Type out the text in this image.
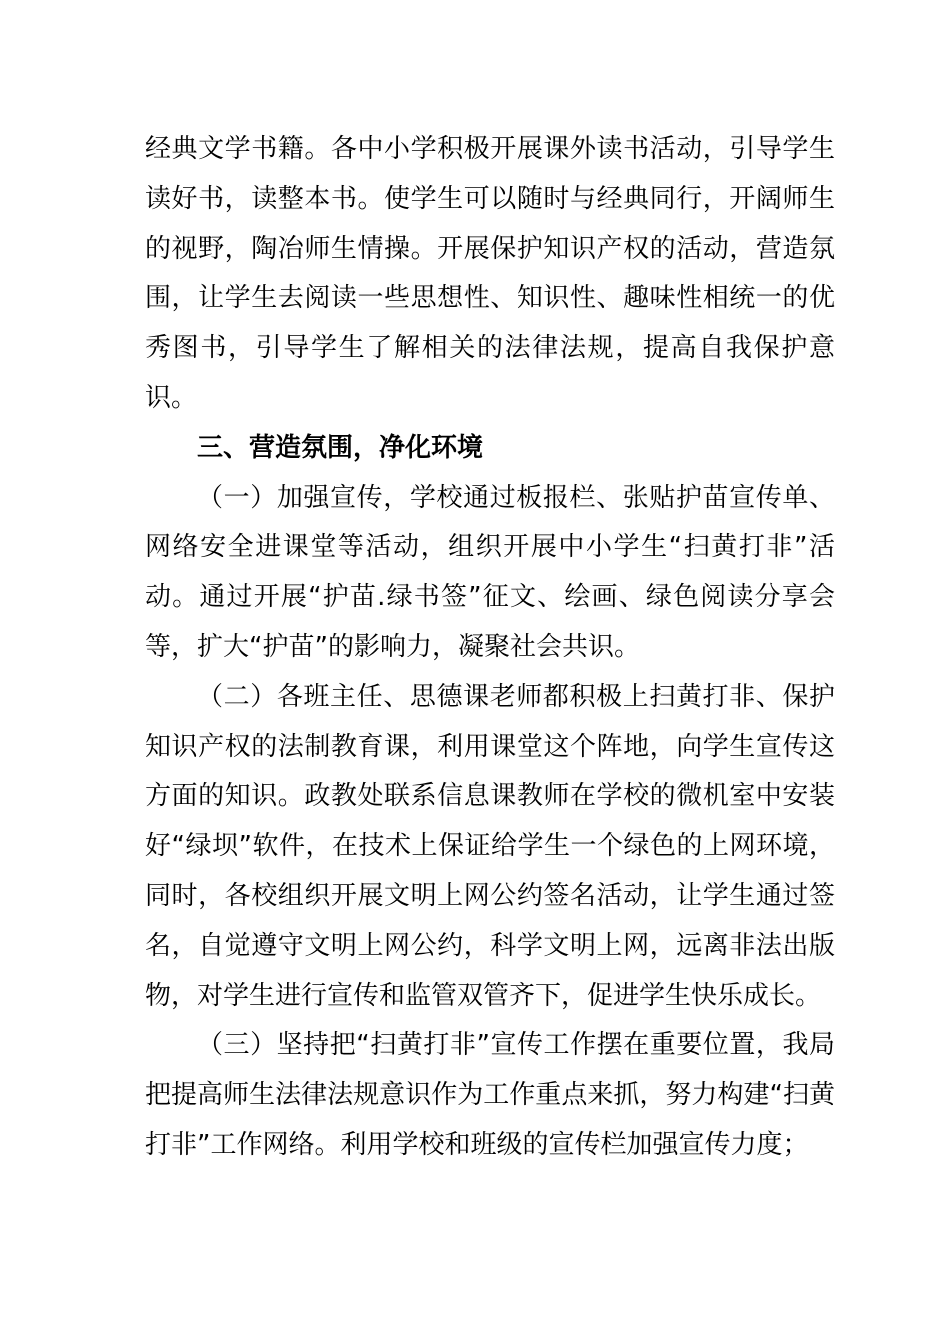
经典文学书籍。各中小学积极开展课外读书活动，引导学生读好书，读整本书。使学生可以随时与经典同行，开阔师生的视野，陶冶师生情操。开展保护知识产权的活动，营造氛围，让学生去阅读一些思想性、知识性、趣味性相统一的优秀图书，引导学生了解相关的法律法规，提高自我保护意识。

三、营造氛围，净化环境

（一）加强宣传，学校通过板报栏、张贴护苗宣传单、网络安全进课堂等活动，组织开展中小学生“扫黄打非”活动。通过开展“护苗.绿书签”征文、绘画、绿色阅读分享会等，扩大“护苗”的影响力，凝聚社会共识。

（二）各班主任、思德课老师都积极上扫黄打非、保护知识产权的法制教育课，利用课堂这个阵地，向学生宣传这方面的知识。政教处联系信息课教师在学校的微机室中安装好“绿坝”软件，在技术上保证给学生一个绿色的上网环境，同时，各校组织开展文明上网公约签名活动，让学生通过签名，自觉遵守文明上网公约，科学文明上网，远离非法出版物，对学生进行宣传和监管双管齐下，促进学生快乐成长。

（三）坚持把“扫黄打非”宣传工作摆在重要位置，我局把提高师生法律法规意识作为工作重点来抓，努力构建“扫黄打非”工作网络。利用学校和班级的宣传栏加强宣传力度；
